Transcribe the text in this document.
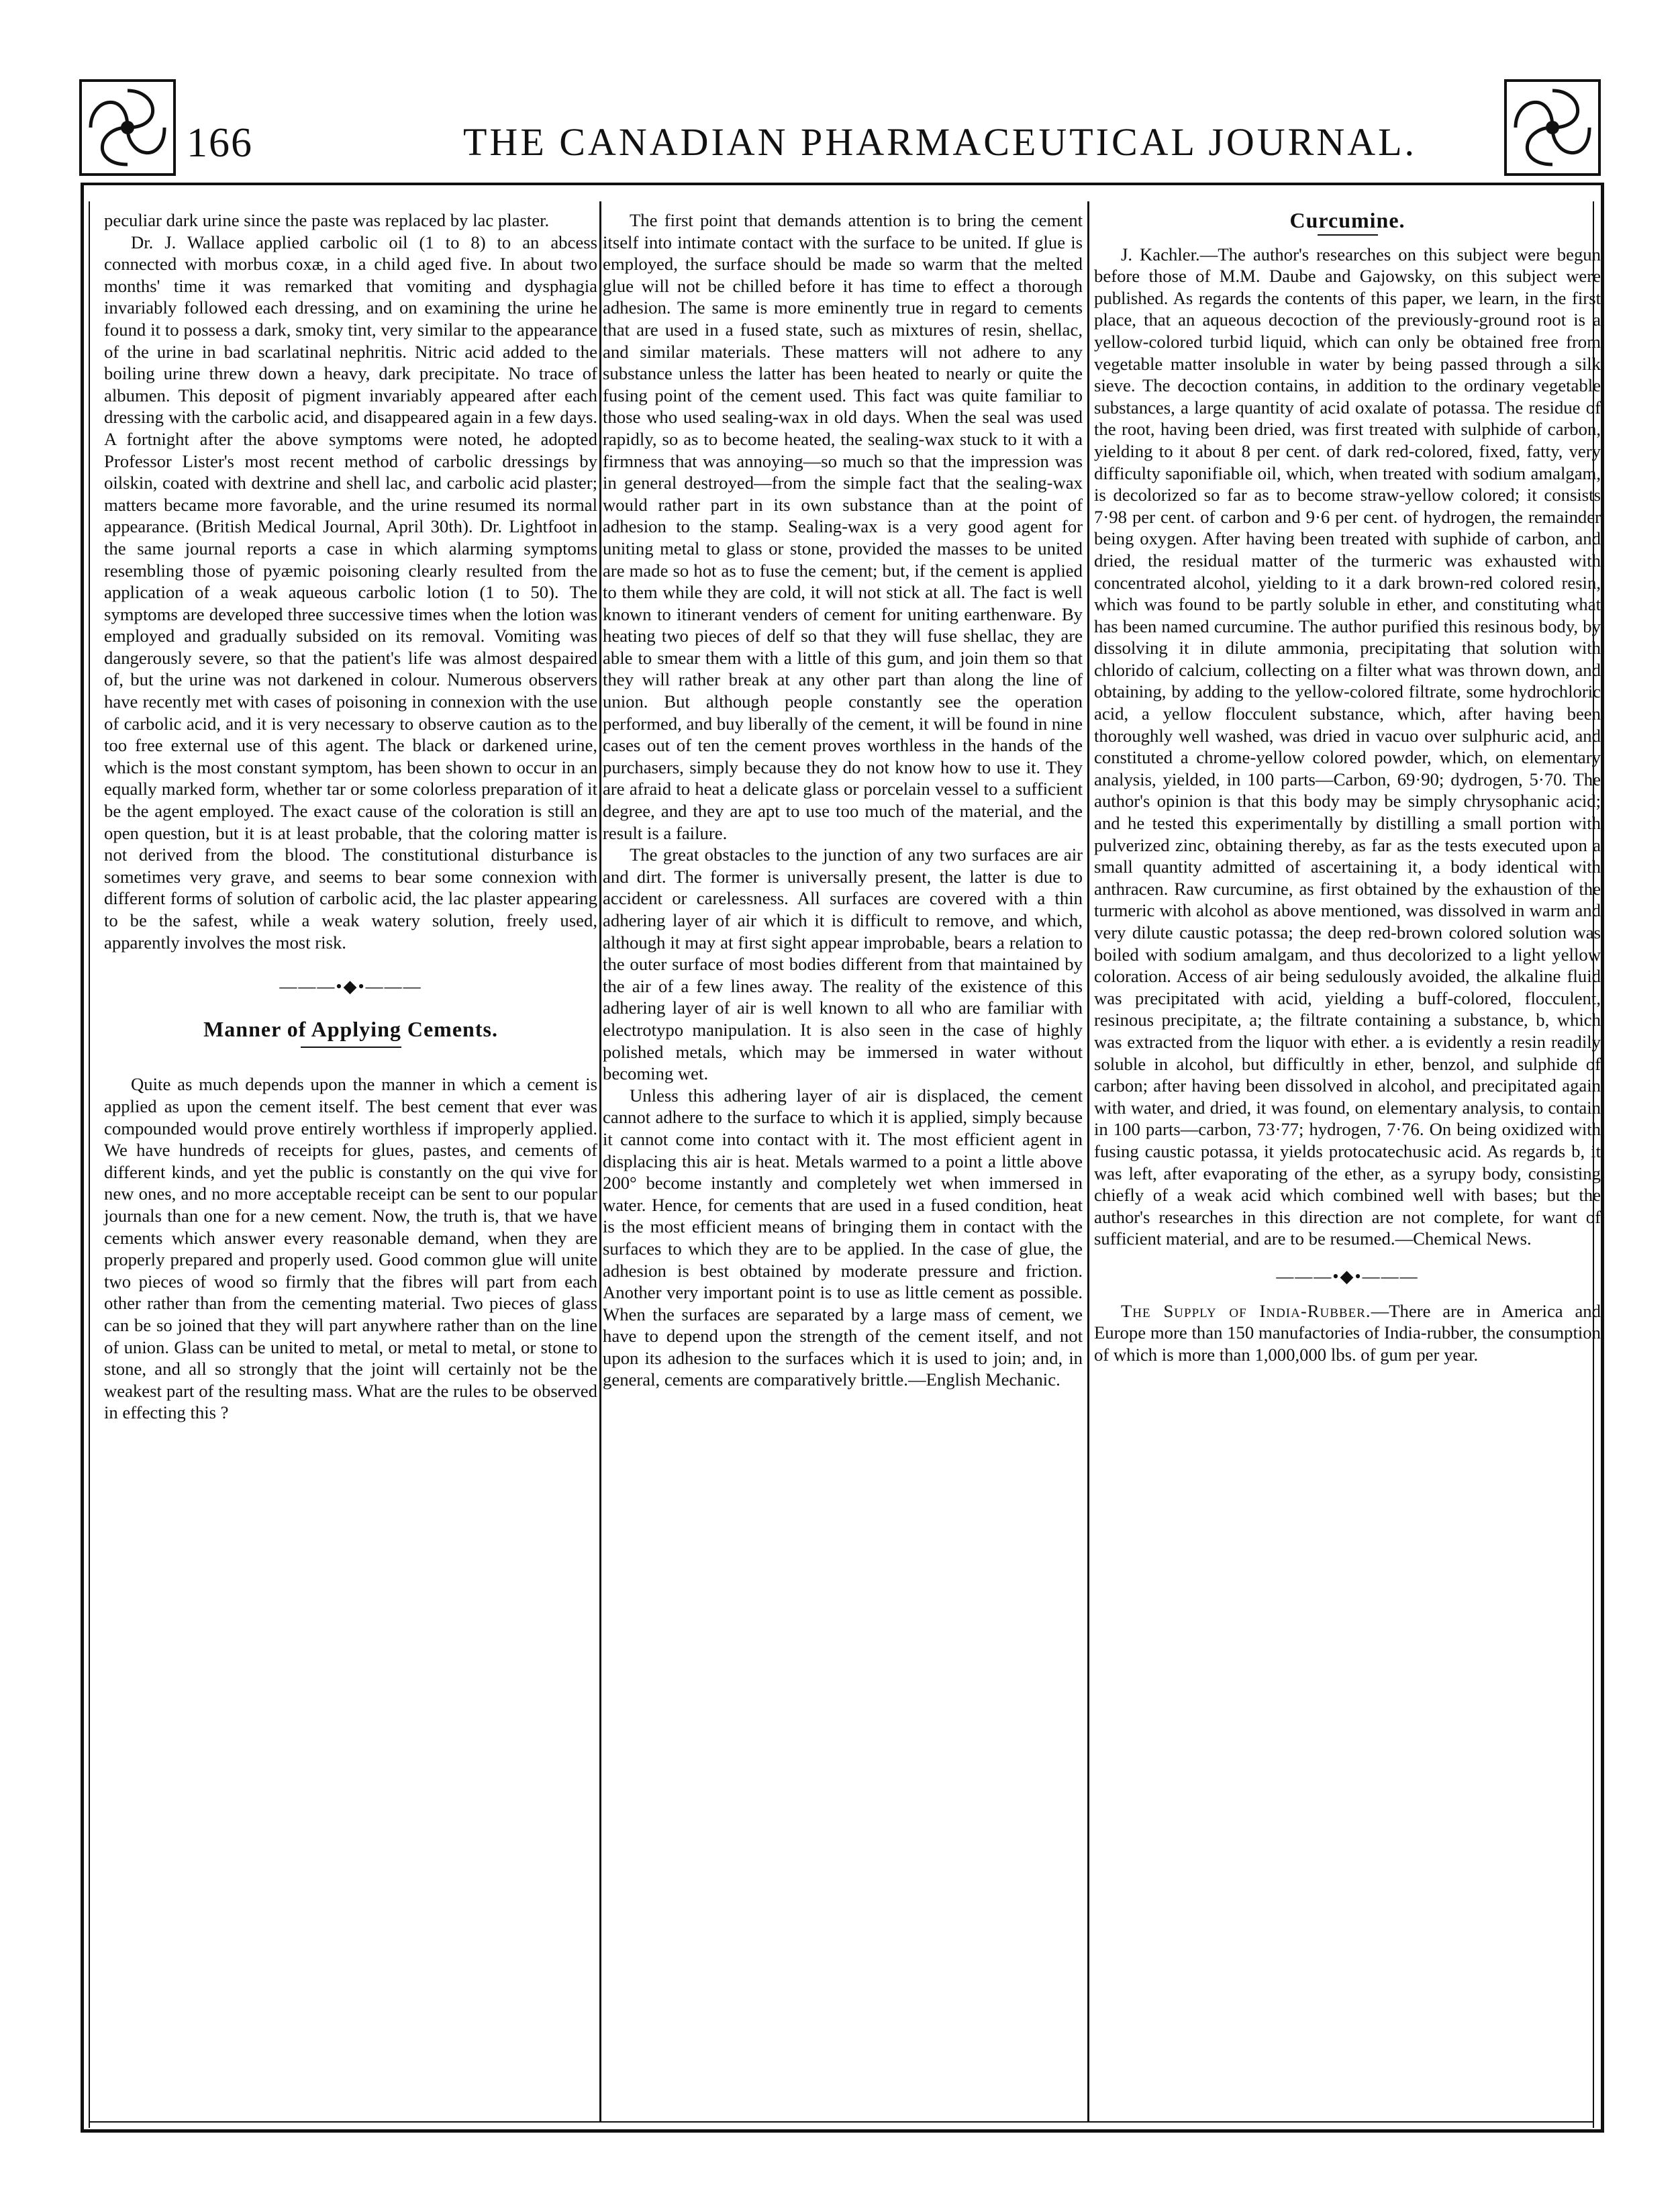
166	THE CANADIAN PHARMACEUTICAL JOURNAL.

peculiar dark urine since the paste was replaced by lac plaster.

Dr. J. Wallace applied carbolic oil (1 to 8) to an abcess connected with morbus coxæ, in a child aged five. In about two months' time it was remarked that vomiting and dysphagia invariably followed each dressing, and on examining the urine he found it to possess a dark, smoky tint, very similar to the appearance of the urine in bad scarlatinal nephritis. Nitric acid added to the boiling urine threw down a heavy, dark precipitate. No trace of albumen. This deposit of pigment invariably appeared after each dressing with the carbolic acid, and disappeared again in a few days. A fortnight after the above symptoms were noted, he adopted Professor Lister's most recent method of carbolic dressings by oilskin, coated with dextrine and shell lac, and carbolic acid plaster; matters became more favorable, and the urine resumed its normal appearance. (British Medical Journal, April 30th). Dr. Lightfoot in the same journal reports a case in which alarming symptoms resembling those of pyæmic poisoning clearly resulted from the application of a weak aqueous carbolic lotion (1 to 50). The symptoms are developed three successive times when the lotion was employed and gradually subsided on its removal. Vomiting was dangerously severe, so that the patient's life was almost despaired of, but the urine was not darkened in colour. Numerous observers have recently met with cases of poisoning in connexion with the use of carbolic acid, and it is very necessary to observe caution as to the too free external use of this agent. The black or darkened urine, which is the most constant symptom, has been shown to occur in an equally marked form, whether tar or some colorless preparation of it be the agent employed. The exact cause of the coloration is still an open question, but it is at least probable, that the coloring matter is not derived from the blood. The constitutional disturbance is sometimes very grave, and seems to bear some connexion with different forms of solution of carbolic acid, the lac plaster appearing to be the safest, while a weak watery solution, freely used, apparently involves the most risk.

———•◆•———
Manner of Applying Cements.

Quite as much depends upon the manner in which a cement is applied as upon the cement itself. The best cement that ever was compounded would prove entirely worthless if improperly applied. We have hundreds of receipts for glues, pastes, and cements of different kinds, and yet the public is constantly on the qui vive for new ones, and no more acceptable receipt can be sent to our popular journals than one for a new cement. Now, the truth is, that we have cements which answer every reasonable demand, when they are properly prepared and properly used. Good common glue will unite two pieces of wood so firmly that the fibres will part from each other rather than from the cementing material. Two pieces of glass can be so joined that they will part anywhere rather than on the line of union. Glass can be united to metal, or metal to metal, or stone to stone, and all so strongly that the joint will certainly not be the weakest part of the resulting mass. What are the rules to be observed in effecting this ?

The first point that demands attention is to bring the cement itself into intimate contact with the surface to be united. If glue is employed, the surface should be made so warm that the melted glue will not be chilled before it has time to effect a thorough adhesion. The same is more eminently true in regard to cements that are used in a fused state, such as mixtures of resin, shellac, and similar materials. These matters will not adhere to any substance unless the latter has been heated to nearly or quite the fusing point of the cement used. This fact was quite familiar to those who used sealing-wax in old days. When the seal was used rapidly, so as to become heated, the sealing-wax stuck to it with a firmness that was annoying—so much so that the impression was in general destroyed—from the simple fact that the sealing-wax would rather part in its own substance than at the point of adhesion to the stamp. Sealing-wax is a very good agent for uniting metal to glass or stone, provided the masses to be united are made so hot as to fuse the cement; but, if the cement is applied to them while they are cold, it will not stick at all. The fact is well known to itinerant venders of cement for uniting earthenware. By heating two pieces of delf so that they will fuse shellac, they are able to smear them with a little of this gum, and join them so that they will rather break at any other part than along the line of union. But although people constantly see the operation performed, and buy liberally of the cement, it will be found in nine cases out of ten the cement proves worthless in the hands of the purchasers, simply because they do not know how to use it. They are afraid to heat a delicate glass or porcelain vessel to a sufficient degree, and they are apt to use too much of the material, and the result is a failure.

The great obstacles to the junction of any two surfaces are air and dirt. The former is universally present, the latter is due to accident or carelessness. All surfaces are covered with a thin adhering layer of air which it is difficult to remove, and which, although it may at first sight appear improbable, bears a relation to the outer surface of most bodies different from that maintained by the air of a few lines away. The reality of the existence of this adhering layer of air is well known to all who are familiar with electrotypo manipulation. It is also seen in the case of highly polished metals, which may be immersed in water without becoming wet.

Unless this adhering layer of air is displaced, the cement cannot adhere to the surface to which it is applied, simply because it cannot come into contact with it. The most efficient agent in displacing this air is heat. Metals warmed to a point a little above 200° become instantly and completely wet when immersed in water. Hence, for cements that are used in a fused condition, heat is the most efficient means of bringing them in contact with the surfaces to which they are to be applied. In the case of glue, the adhesion is best obtained by moderate pressure and friction. Another very important point is to use as little cement as possible. When the surfaces are separated by a large mass of cement, we have to depend upon the strength of the cement itself, and not upon its adhesion to the surfaces which it is used to join; and, in general, cements are comparatively brittle.—English Mechanic.

Curcumine.

J. Kachler.—The author's researches on this subject were begun before those of M.M. Daube and Gajowsky, on this subject were published. As regards the contents of this paper, we learn, in the first place, that an aqueous decoction of the previously-ground root is a yellow-colored turbid liquid, which can only be obtained free from vegetable matter insoluble in water by being passed through a silk sieve. The decoction contains, in addition to the ordinary vegetable substances, a large quantity of acid oxalate of potassa. The residue of the root, having been dried, was first treated with sulphide of carbon, yielding to it about 8 per cent. of dark red-colored, fixed, fatty, very difficulty saponifiable oil, which, when treated with sodium amalgam, is decolorized so far as to become straw-yellow colored; it consists 7·98 per cent. of carbon and 9·6 per cent. of hydrogen, the remainder being oxygen. After having been treated with suphide of carbon, and dried, the residual matter of the turmeric was exhausted with concentrated alcohol, yielding to it a dark brown-red colored resin, which was found to be partly soluble in ether, and constituting what has been named curcumine. The author purified this resinous body, by dissolving it in dilute ammonia, precipitating that solution with chlorido of calcium, collecting on a filter what was thrown down, and obtaining, by adding to the yellow-colored filtrate, some hydrochloric acid, a yellow flocculent substance, which, after having been thoroughly well washed, was dried in vacuo over sulphuric acid, and constituted a chrome-yellow colored powder, which, on elementary analysis, yielded, in 100 parts—Carbon, 69·90; dydrogen, 5·70. The author's opinion is that this body may be simply chrysophanic acid; and he tested this experimentally by distilling a small portion with pulverized zinc, obtaining thereby, as far as the tests executed upon a small quantity admitted of ascertaining it, a body identical with anthracen. Raw curcumine, as first obtained by the exhaustion of the turmeric with alcohol as above mentioned, was dissolved in warm and very dilute caustic potassa; the deep red-brown colored solution was boiled with sodium amalgam, and thus decolorized to a light yellow coloration. Access of air being sedulously avoided, the alkaline fluid was precipitated with acid, yielding a buff-colored, flocculent, resinous precipitate, a; the filtrate containing a substance, b, which was extracted from the liquor with ether. a is evidently a resin readily soluble in alcohol, but difficultly in ether, benzol, and sulphide of carbon; after having been dissolved in alcohol, and precipitated again with water, and dried, it was found, on elementary analysis, to contain in 100 parts—carbon, 73·77; hydrogen, 7·76. On being oxidized with fusing caustic potassa, it yields protocatechusic acid. As regards b, it was left, after evaporating of the ether, as a syrupy body, consisting chiefly of a weak acid which combined well with bases; but the author's researches in this direction are not complete, for want of sufficient material, and are to be resumed.—Chemical News.

———•◆•———

The Supply of India-Rubber.—There are in America and Europe more than 150 manufactories of India-rubber, the consumption of which is more than 1,000,000 lbs. of gum per year.
